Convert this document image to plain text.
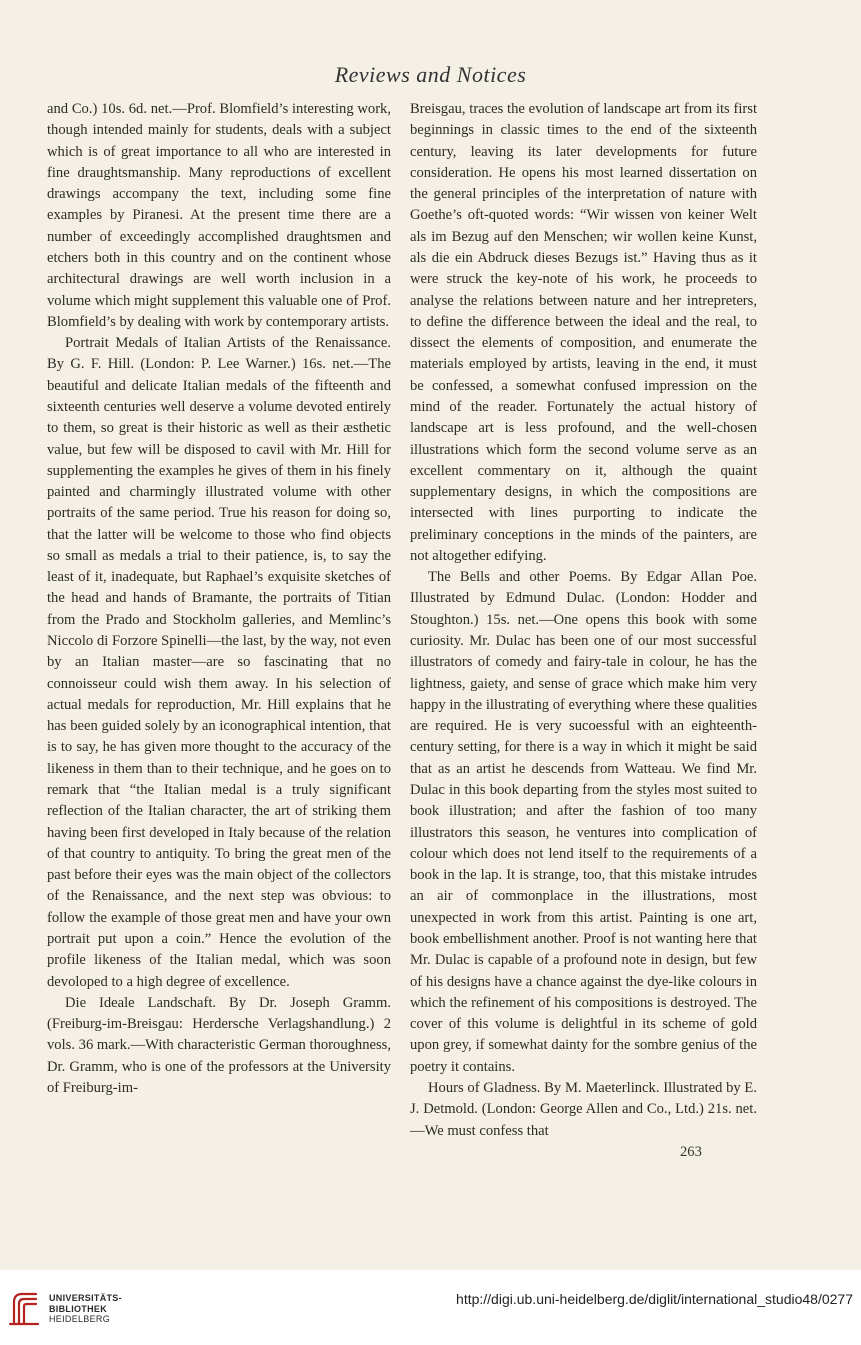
Reviews and Notices

and Co.) 10s. 6d. net.—Prof. Blomfield’s interesting work, though intended mainly for students, deals with a subject which is of great importance to all who are interested in fine draughtsmanship. Many reproductions of excellent drawings accompany the text, including some fine examples by Piranesi. At the present time there are a number of exceedingly accomplished draughtsmen and etchers both in this country and on the continent whose architectural drawings are well worth inclusion in a volume which might supplement this valuable one of Prof. Blomfield’s by dealing with work by contemporary artists.

Portrait Medals of Italian Artists of the Renaissance. By G. F. Hill. (London: P. Lee Warner.) 16s. net.—The beautiful and delicate Italian medals of the fifteenth and sixteenth centuries well deserve a volume devoted entirely to them, so great is their historic as well as their æsthetic value, but few will be disposed to cavil with Mr. Hill for supplementing the examples he gives of them in his finely painted and charmingly illustrated volume with other portraits of the same period. True his reason for doing so, that the latter will be welcome to those who find objects so small as medals a trial to their patience, is, to say the least of it, inadequate, but Raphael’s exquisite sketches of the head and hands of Bramante, the portraits of Titian from the Prado and Stockholm galleries, and Memlinc’s Niccolo di Forzore Spinelli—the last, by the way, not even by an Italian master—are so fascinating that no connoisseur could wish them away. In his selection of actual medals for reproduction, Mr. Hill explains that he has been guided solely by an iconographical intention, that is to say, he has given more thought to the accuracy of the likeness in them than to their technique, and he goes on to remark that “the Italian medal is a truly significant reflection of the Italian character, the art of striking them having been first developed in Italy because of the relation of that country to antiquity. To bring the great men of the past before their eyes was the main object of the collectors of the Renaissance, and the next step was obvious: to follow the example of those great men and have your own portrait put upon a coin.” Hence the evolution of the profile likeness of the Italian medal, which was soon devoloped to a high degree of excellence.

Die Ideale Landschaft. By Dr. Joseph Gramm. (Freiburg-im-Breisgau: Herdersche Verlagshandlung.) 2 vols. 36 mark.—With characteristic German thoroughness, Dr. Gramm, who is one of the professors at the University of Freiburg-im-

Breisgau, traces the evolution of landscape art from its first beginnings in classic times to the end of the sixteenth century, leaving its later developments for future consideration. He opens his most learned dissertation on the general principles of the interpretation of nature with Goethe’s oft-quoted words: “Wir wissen von keiner Welt als im Bezug auf den Menschen; wir wollen keine Kunst, als die ein Abdruck dieses Bezugs ist.” Having thus as it were struck the key-note of his work, he proceeds to analyse the relations between nature and her intrepreters, to define the difference between the ideal and the real, to dissect the elements of composition, and enumerate the materials employed by artists, leaving in the end, it must be confessed, a somewhat confused impression on the mind of the reader. Fortunately the actual history of landscape art is less profound, and the well-chosen illustrations which form the second volume serve as an excellent commentary on it, although the quaint supplementary designs, in which the compositions are intersected with lines purporting to indicate the preliminary conceptions in the minds of the painters, are not altogether edifying.

The Bells and other Poems. By Edgar Allan Poe. Illustrated by Edmund Dulac. (London: Hodder and Stoughton.) 15s. net.—One opens this book with some curiosity. Mr. Dulac has been one of our most successful illustrators of comedy and fairy-tale in colour, he has the lightness, gaiety, and sense of grace which make him very happy in the illustrating of everything where these qualities are required. He is very sucoessful with an eighteenth-century setting, for there is a way in which it might be said that as an artist he descends from Watteau. We find Mr. Dulac in this book departing from the styles most suited to book illustration; and after the fashion of too many illustrators this season, he ventures into complication of colour which does not lend itself to the requirements of a book in the lap. It is strange, too, that this mistake intrudes an air of commonplace in the illustrations, most unexpected in work from this artist. Painting is one art, book embellishment another. Proof is not wanting here that Mr. Dulac is capable of a profound note in design, but few of his designs have a chance against the dye-like colours in which the refinement of his compositions is destroyed. The cover of this volume is delightful in its scheme of gold upon grey, if somewhat dainty for the sombre genius of the poetry it contains.

Hours of Gladness. By M. Maeterlinck. Illustrated by E. J. Detmold. (London: George Allen and Co., Ltd.) 21s. net.—We must confess that

263
UNIVERSITÄTS-
BIBLIOTHEK
HEIDELBERG
http://digi.ub.uni-heidelberg.de/diglit/international_studio48/0277
